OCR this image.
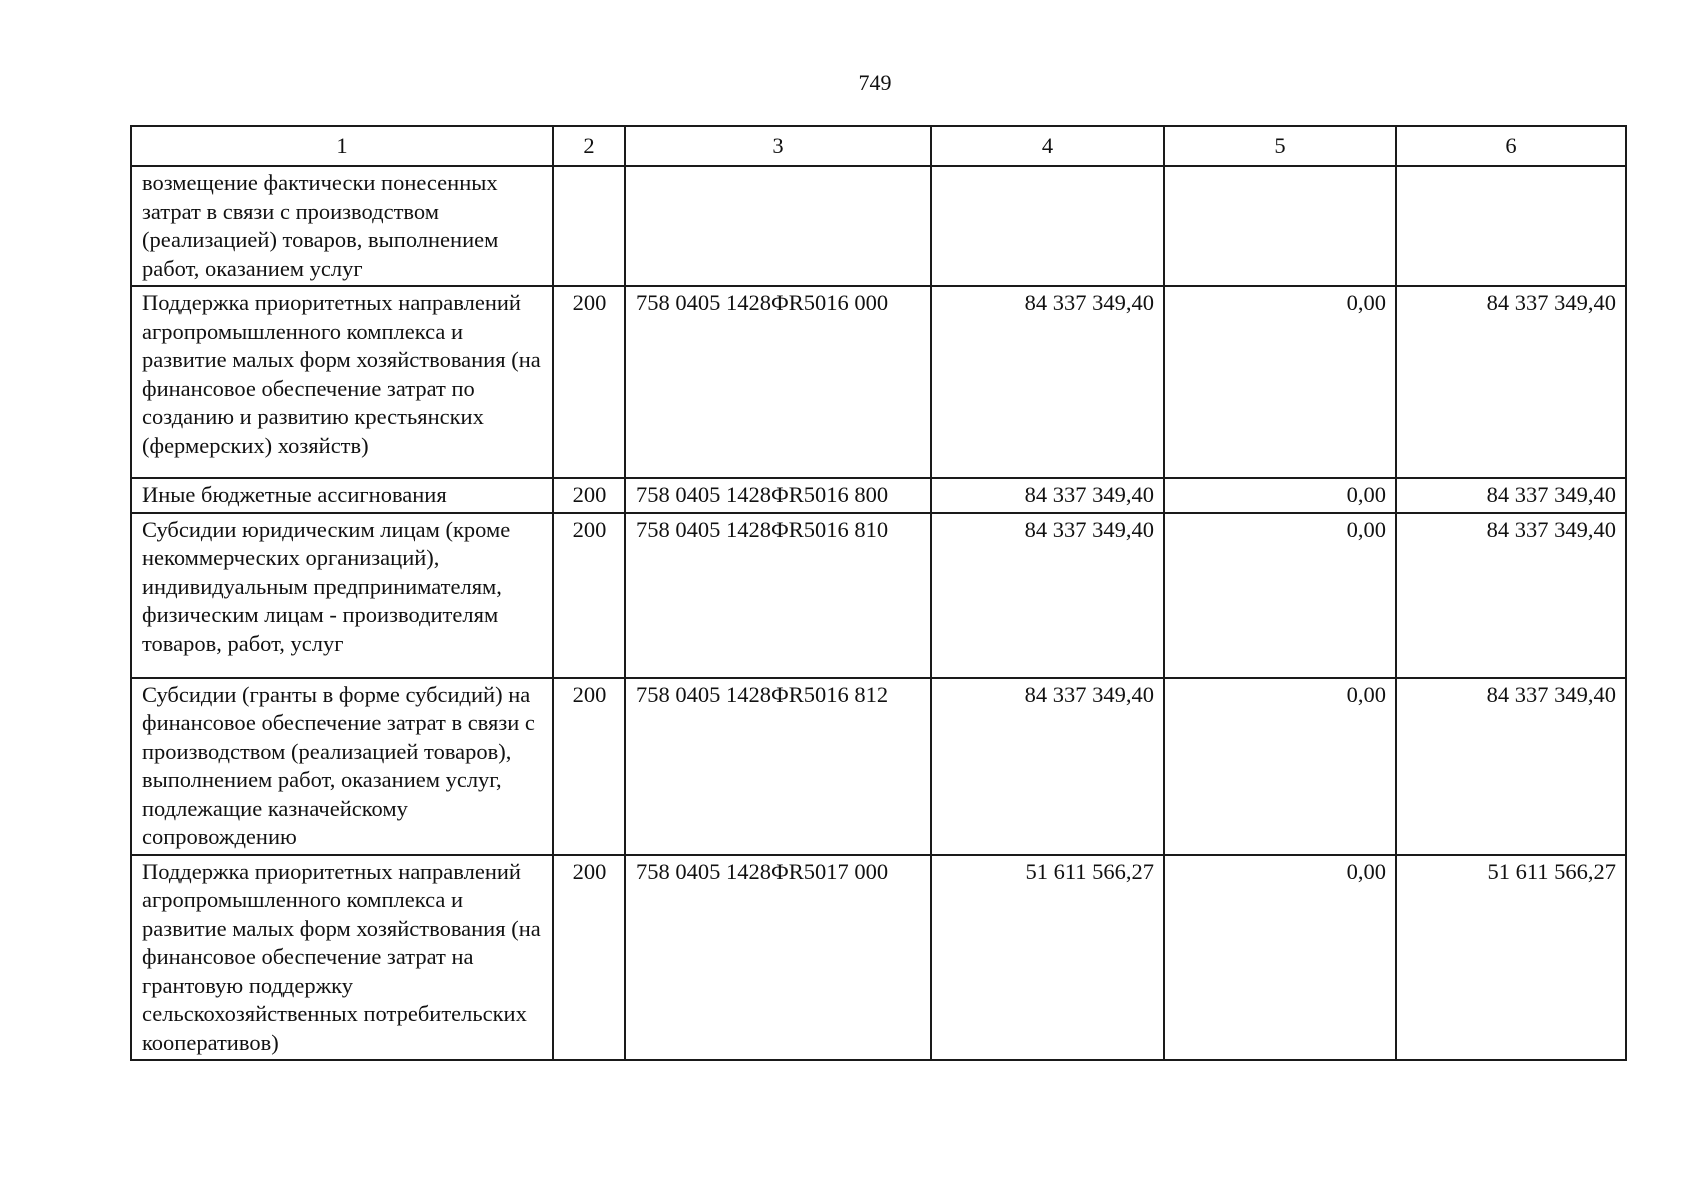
749
1	2	3	4	5	6
возмещение фактически понесенных затрат в связи с производством (реализацией) товаров, выполнением работ, оказанием услуг					
Поддержка приоритетных направлений агропромышленного комплекса и развитие малых форм хозяйствования (на финансовое обеспечение затрат по созданию и развитию крестьянских (фермерских) хозяйств)	200	758 0405 1428ФR5016 000	84 337 349,40	0,00	84 337 349,40
Иные бюджетные ассигнования	200	758 0405 1428ФR5016 800	84 337 349,40	0,00	84 337 349,40
Субсидии юридическим лицам (кроме некоммерческих организаций), индивидуальным предпринимателям, физическим лицам - производителям товаров, работ, услуг	200	758 0405 1428ФR5016 810	84 337 349,40	0,00	84 337 349,40
Субсидии (гранты в форме субсидий) на финансовое обеспечение затрат в связи с производством (реализацией товаров), выполнением работ, оказанием услуг, подлежащие казначейскому сопровождению	200	758 0405 1428ФR5016 812	84 337 349,40	0,00	84 337 349,40
Поддержка приоритетных направлений агропромышленного комплекса и развитие малых форм хозяйствования (на финансовое обеспечение затрат на грантовую поддержку сельскохозяйственных потребительских кооперативов)	200	758 0405 1428ФR5017 000	51 611 566,27	0,00	51 611 566,27
